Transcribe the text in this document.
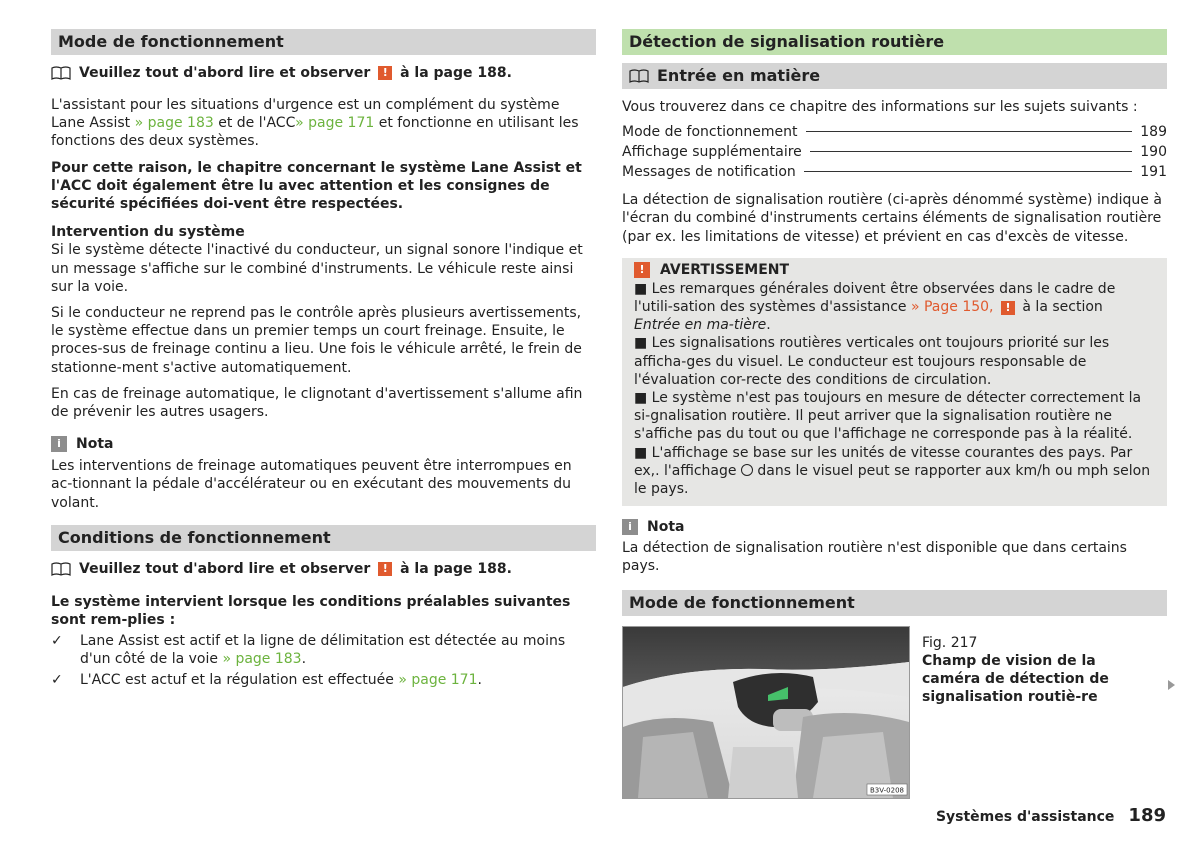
Mode de fonctionnement
Veuillez tout d'abord lire et observer
	!
à la page 188.

L'assistant pour les situations d'urgence est un complément du système Lane Assist » page 183 et de l'ACC» page 171 et fonctionne en utilisant les fonctions des deux systèmes.

Pour cette raison, le chapitre concernant le système Lane Assist et l'ACC doit également être lu avec attention et les consignes de sécurité spécifiées doi-vent être respectées.

Intervention du système

Si le système détecte l'inactivé du conducteur, un signal sonore l'indique et un message s'affiche sur le combiné d'instruments. Le véhicule reste ainsi sur la voie.

Si le conducteur ne reprend pas le contrôle après plusieurs avertissements, le système effectue dans un premier temps un court freinage. Ensuite, le proces-sus de freinage continu a lieu. Une fois le véhicule arrêté, le frein de stationne-ment s'active automatiquement.

En cas de freinage automatique, le clignotant d'avertissement s'allume afin de prévenir les autres usagers.

i	Nota

Les interventions de freinage automatiques peuvent être interrompues en ac-tionnant la pédale d'accélérateur ou en exécutant des mouvements du volant.

Conditions de fonctionnement
Veuillez tout d'abord lire et observer
	!
à la page 188.

Le système intervient lorsque les conditions préalables suivantes sont rem-plies :

✓	Lane Assist est actif et la ligne de délimitation est détectée au moins d'un côté de la voie » page 183.
✓	L'ACC est actuf et la régulation est effectuée » page 171.
Détection de signalisation routière
Entrée en matière

Vous trouverez dans ce chapitre des informations sur les sujets suivants :

Mode de fonctionnement	189
Affichage supplémentaire	190
Messages de notification	191

La détection de signalisation routière (ci-après dénommé système) indique à l'écran du combiné d'instruments certains éléments de signalisation routière (par ex. les limitations de vitesse) et prévient en cas d'excès de vitesse.

!	AVERTISSEMENT

■ Les remarques générales doivent être observées dans le cadre de l'utili-sation des systèmes d'assistance » Page 150, ! à la section Entrée en ma-tière.

■ Les signalisations routières verticales ont toujours priorité sur les afficha-ges du visuel. Le conducteur est toujours responsable de l'évaluation cor-recte des conditions de circulation.

■ Le système n'est pas toujours en mesure de détecter correctement la si-gnalisation routière. Il peut arriver que la signalisation routière ne s'affiche pas du tout ou que l'affichage ne corresponde pas à la réalité.

■ L'affichage se base sur les unités de vitesse courantes des pays. Par ex,. l'affichage dans le visuel peut se rapporter aux km/h ou mph selon le pays.

i	Nota

La détection de signalisation routière n'est disponible que dans certains pays.

Mode de fonctionnement
B3V-0208
Fig. 217
Champ de vision de la caméra de détection de signalisation routiè-re
Systèmes d'assistance 189
